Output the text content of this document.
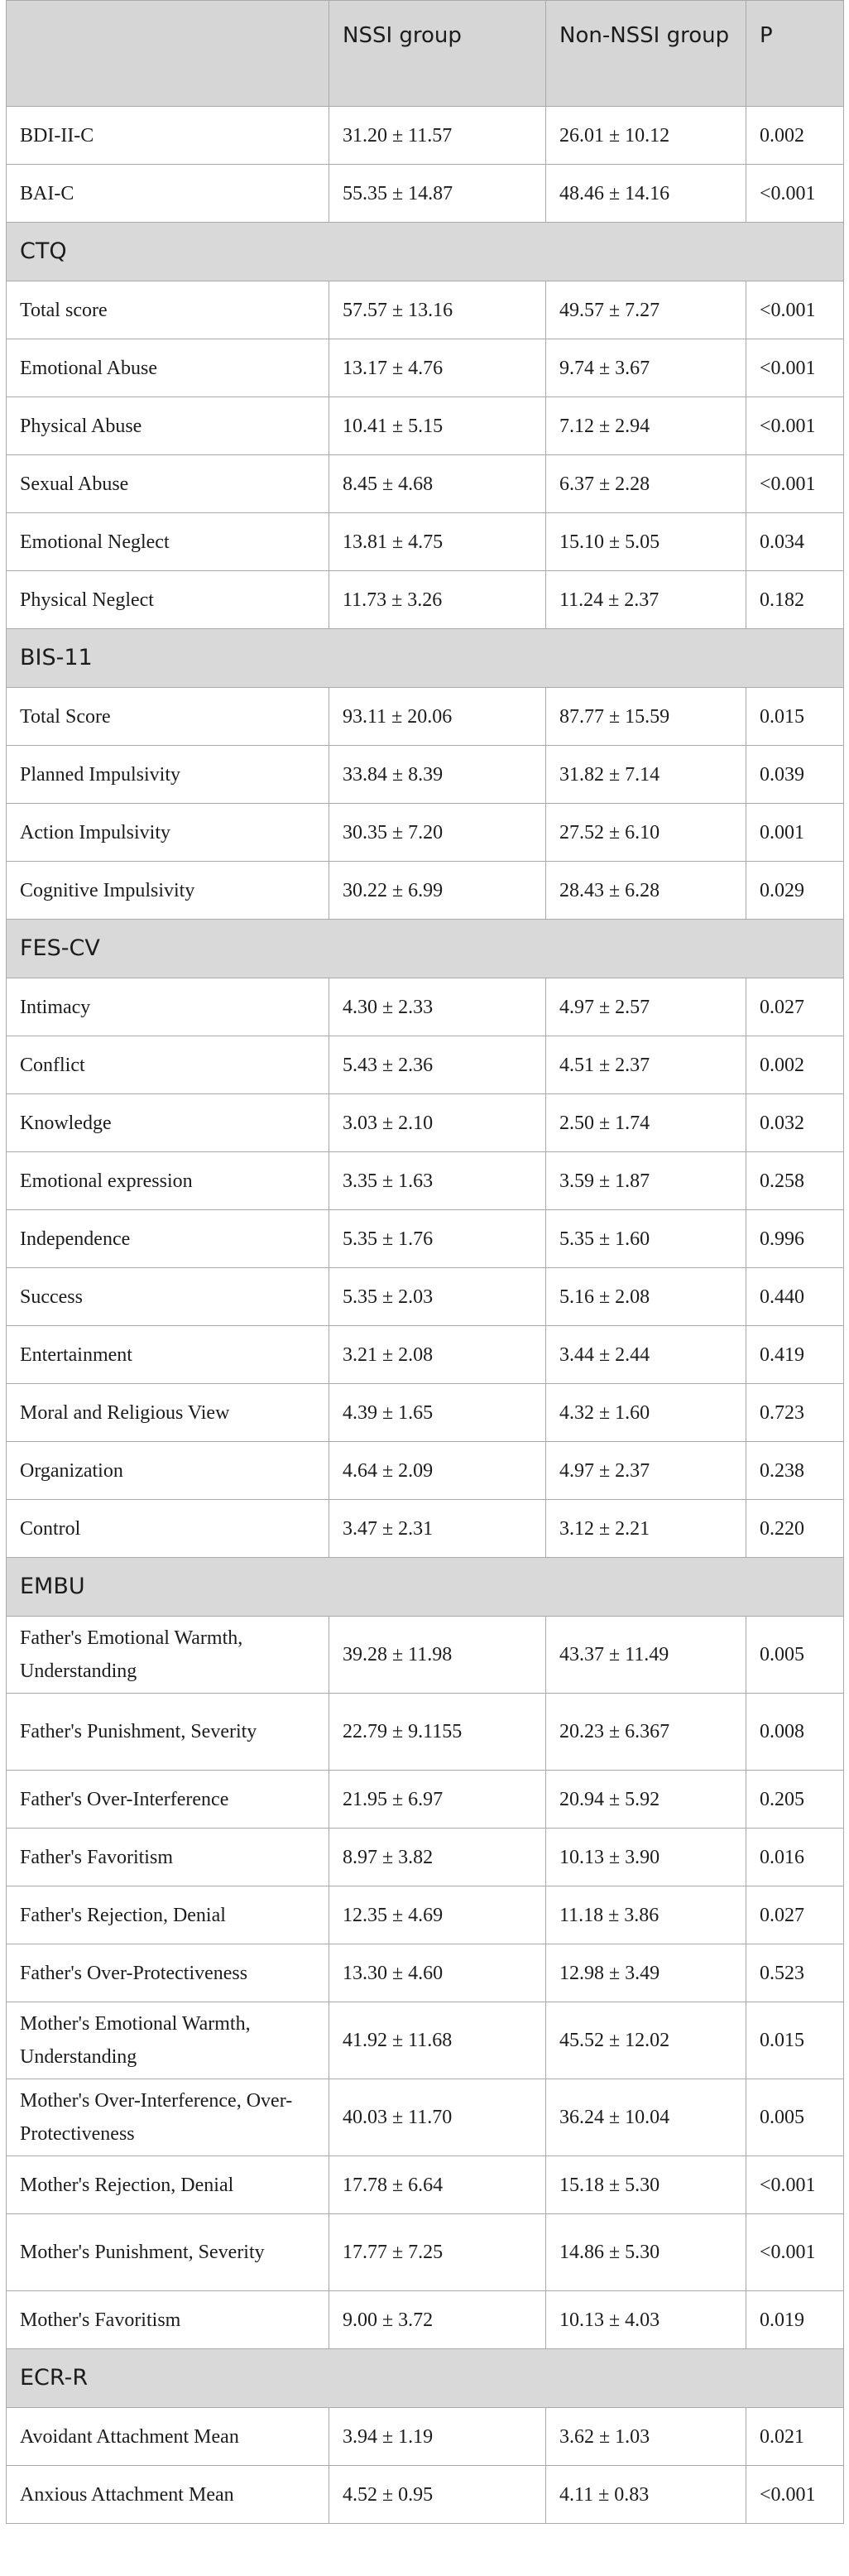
	NSSI group	Non-NSSI group	P
BDI-II-C	31.20 ± 11.57	26.01 ± 10.12	0.002
BAI-C	55.35 ± 14.87	48.46 ± 14.16	<0.001
CTQ			
Total score	57.57 ± 13.16	49.57 ± 7.27	<0.001
Emotional Abuse	13.17 ± 4.76	9.74 ± 3.67	<0.001
Physical Abuse	10.41 ± 5.15	7.12 ± 2.94	<0.001
Sexual Abuse	8.45 ± 4.68	6.37 ± 2.28	<0.001
Emotional Neglect	13.81 ± 4.75	15.10 ± 5.05	0.034
Physical Neglect	11.73 ± 3.26	11.24 ± 2.37	0.182
BIS-11			
Total Score	93.11 ± 20.06	87.77 ± 15.59	0.015
Planned Impulsivity	33.84 ± 8.39	31.82 ± 7.14	0.039
Action Impulsivity	30.35 ± 7.20	27.52 ± 6.10	0.001
Cognitive Impulsivity	30.22 ± 6.99	28.43 ± 6.28	0.029
FES-CV			
Intimacy	4.30 ± 2.33	4.97 ± 2.57	0.027
Conflict	5.43 ± 2.36	4.51 ± 2.37	0.002
Knowledge	3.03 ± 2.10	2.50 ± 1.74	0.032
Emotional expression	3.35 ± 1.63	3.59 ± 1.87	0.258
Independence	5.35 ± 1.76	5.35 ± 1.60	0.996
Success	5.35 ± 2.03	5.16 ± 2.08	0.440
Entertainment	3.21 ± 2.08	3.44 ± 2.44	0.419
Moral and Religious View	4.39 ± 1.65	4.32 ± 1.60	0.723
Organization	4.64 ± 2.09	4.97 ± 2.37	0.238
Control	3.47 ± 2.31	3.12 ± 2.21	0.220
EMBU			
Father's Emotional Warmth, Understanding	39.28 ± 11.98	43.37 ± 11.49	0.005
Father's Punishment, Severity	22.79 ± 9.1155	20.23 ± 6.367	0.008
Father's Over-Interference	21.95 ± 6.97	20.94 ± 5.92	0.205
Father's Favoritism	8.97 ± 3.82	10.13 ± 3.90	0.016
Father's Rejection, Denial	12.35 ± 4.69	11.18 ± 3.86	0.027
Father's Over-Protectiveness	13.30 ± 4.60	12.98 ± 3.49	0.523
Mother's Emotional Warmth, Understanding	41.92 ± 11.68	45.52 ± 12.02	0.015
Mother's Over-Interference, Over-Protectiveness	40.03 ± 11.70	36.24 ± 10.04	0.005
Mother's Rejection, Denial	17.78 ± 6.64	15.18 ± 5.30	<0.001
Mother's Punishment, Severity	17.77 ± 7.25	14.86 ± 5.30	<0.001
Mother's Favoritism	9.00 ± 3.72	10.13 ± 4.03	0.019
ECR-R			
Avoidant Attachment Mean	3.94 ± 1.19	3.62 ± 1.03	0.021
Anxious Attachment Mean	4.52 ± 0.95	4.11 ± 0.83	<0.001
